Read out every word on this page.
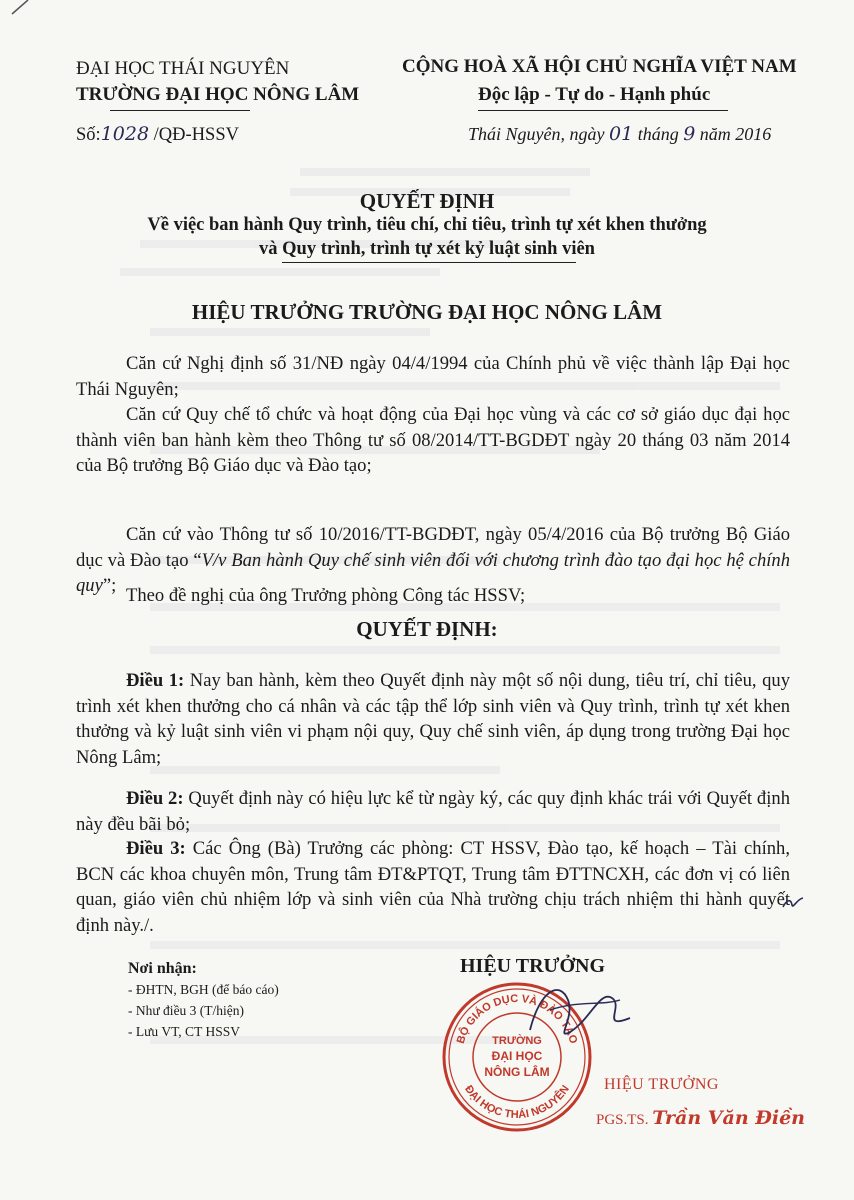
ĐẠI HỌC THÁI NGUYÊN
TRƯỜNG ĐẠI HỌC NÔNG LÂM
Số:1028 /QĐ-HSSV
CỘNG HOÀ XÃ HỘI CHỦ NGHĨA VIỆT NAM
Độc lập - Tự do - Hạnh phúc
Thái Nguyên, ngày 01 tháng 9 năm 2016
QUYẾT ĐỊNH
Về việc ban hành Quy trình, tiêu chí, chỉ tiêu, trình tự xét khen thưởng
và Quy trình, trình tự xét kỷ luật sinh viên
HIỆU TRƯỞNG TRƯỜNG ĐẠI HỌC NÔNG LÂM
Căn cứ Nghị định số 31/NĐ ngày 04/4/1994 của Chính phủ về việc thành lập Đại học Thái Nguyên;
Căn cứ Quy chế tổ chức và hoạt động của Đại học vùng và các cơ sở giáo dục đại học thành viên ban hành kèm theo Thông tư số 08/2014/TT-BGDĐT ngày 20 tháng 03 năm 2014 của Bộ trưởng Bộ Giáo dục và Đào tạo;
Căn cứ vào Thông tư số 10/2016/TT-BGDĐT, ngày 05/4/2016 của Bộ trưởng Bộ Giáo dục và Đào tạo “V/v Ban hành Quy chế sinh viên đối với chương trình đào tạo đại học hệ chính quy”; Theo đề nghị của ông Trưởng phòng Công tác HSSV;
QUYẾT ĐỊNH:
Điều 1: Nay ban hành, kèm theo Quyết định này một số nội dung, tiêu trí, chỉ tiêu, quy trình xét khen thưởng cho cá nhân và các tập thể lớp sinh viên và Quy trình, trình tự xét khen thưởng và kỷ luật sinh viên vi phạm nội quy, Quy chế sinh viên, áp dụng trong trường Đại học Nông Lâm;
Điều 2: Quyết định này có hiệu lực kể từ ngày ký, các quy định khác trái với Quyết định này đều bãi bỏ;
Điều 3: Các Ông (Bà) Trưởng các phòng: CT HSSV, Đào tạo, kế hoạch – Tài chính, BCN các khoa chuyên môn, Trung tâm ĐT&PTQT, Trung tâm ĐTTNCXH, các đơn vị có liên quan, giáo viên chủ nhiệm lớp và sinh viên của Nhà trường chịu trách nhiệm thi hành quyết định này./.
Nơi nhận:
- ĐHTN, BGH (để báo cáo)
- Như điều 3 (T/hiện)
- Lưu VT, CT HSSV
HIỆU TRƯỞNG
BỘ GIÁO DỤC VÀ ĐÀO TẠO
ĐẠI HỌC THÁI NGUYÊN
TRƯỜNG
ĐẠI HỌC
NÔNG LÂM
HIỆU TRƯỞNG
PGS.TS. Trần Văn Điền
